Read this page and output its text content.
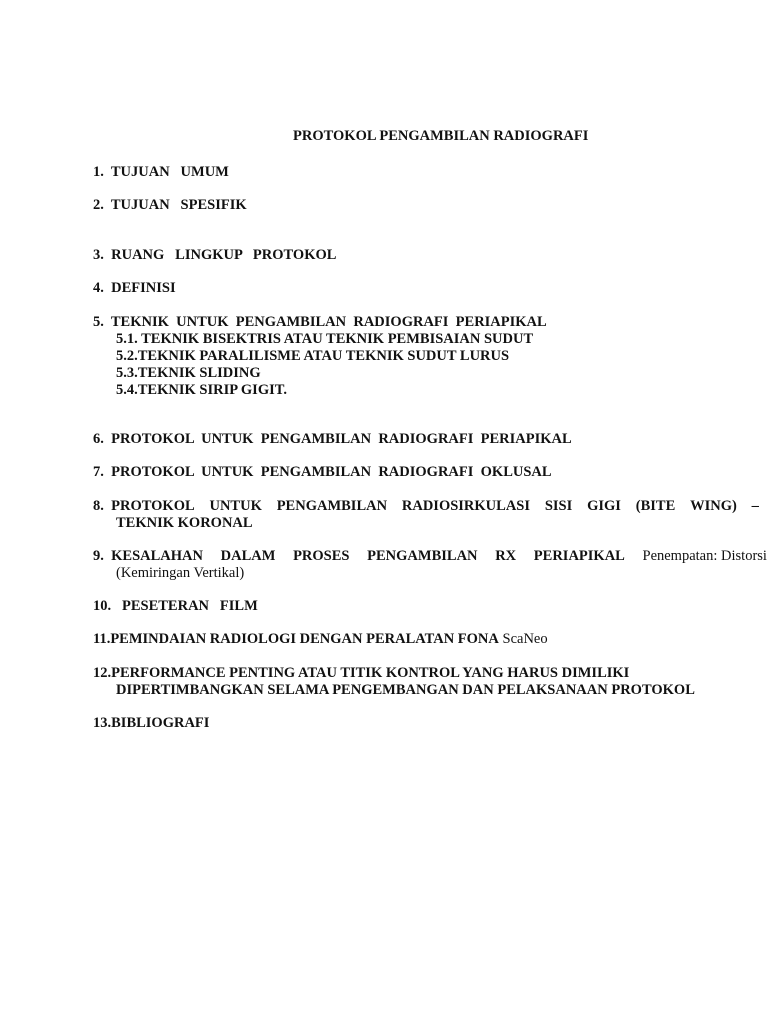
PROTOKOL PENGAMBILAN RADIOGRAFI
1.  TUJUAN   UMUM
2.  TUJUAN   SPESIFIK
3.  RUANG   LINGKUP   PROTOKOL
4.  DEFINISI
5.  TEKNIK  UNTUK  PENGAMBILAN  RADIOGRAFI  PERIAPIKAL
5.1. TEKNIK BISEKTRIS ATAU TEKNIK PEMBISAIAN SUDUT
5.2.TEKNIK PARALILISME ATAU TEKNIK SUDUT LURUS
5.3.TEKNIK SLIDING
5.4.TEKNIK SIRIP GIGIT.
6.  PROTOKOL  UNTUK  PENGAMBILAN  RADIOGRAFI  PERIAPIKAL
7.  PROTOKOL  UNTUK  PENGAMBILAN  RADIOGRAFI  OKLUSAL
8.  PROTOKOL UNTUK PENGAMBILAN RADIOSIRKULASI SISI GIGI (BITE WING) –
TEKNIK KORONAL
9.  KESALAHAN DALAM PROSES PENGAMBILAN RX PERIAPIKAL Penempatan: Distorsi
(Kemiringan Vertikal)
10.   PESETERAN   FILM
11.PEMINDAIAN RADIOLOGI DENGAN PERALATAN FONA ScaNeo
12.PERFORMANCE PENTING ATAU TITIK KONTROL YANG HARUS DIMILIKI
DIPERTIMBANGKAN SELAMA PENGEMBANGAN DAN PELAKSANAAN PROTOKOL
13.BIBLIOGRAFI
